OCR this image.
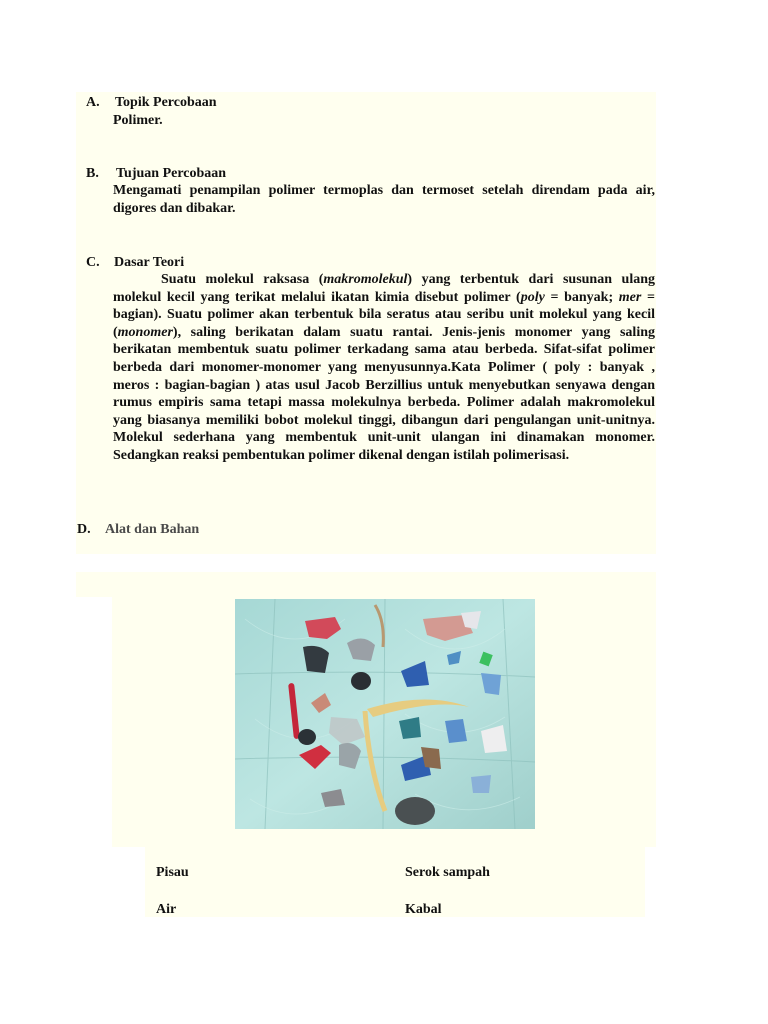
A. Topik Percobaan
Polimer.
B. Tujuan Percobaan
Mengamati penampilan polimer termoplas dan termoset setelah direndam pada air, digores dan dibakar.
C. Dasar Teori
Suatu molekul raksasa (makromolekul) yang terbentuk dari susunan ulang molekul kecil yang terikat melalui ikatan kimia disebut polimer (poly = banyak; mer = bagian). Suatu polimer akan terbentuk bila seratus atau seribu unit molekul yang kecil (monomer), saling berikatan dalam suatu rantai. Jenis-jenis monomer yang saling berikatan membentuk suatu polimer terkadang sama atau berbeda. Sifat-sifat polimer berbeda dari monomer-monomer yang menyusunnya.Kata Polimer ( poly : banyak , meros : bagian-bagian ) atas usul Jacob Berzillius untuk menyebutkan senyawa dengan rumus empiris sama tetapi massa molekulnya berbeda. Polimer adalah makromolekul yang biasanya memiliki bobot molekul tinggi, dibangun dari pengulangan unit-unitnya. Molekul sederhana yang membentuk unit-unit ulangan ini dinamakan monomer. Sedangkan reaksi pembentukan polimer dikenal dengan istilah polimerisasi.
D. Alat dan Bahan
Pisau	Serok sampah
Air	Kabal
